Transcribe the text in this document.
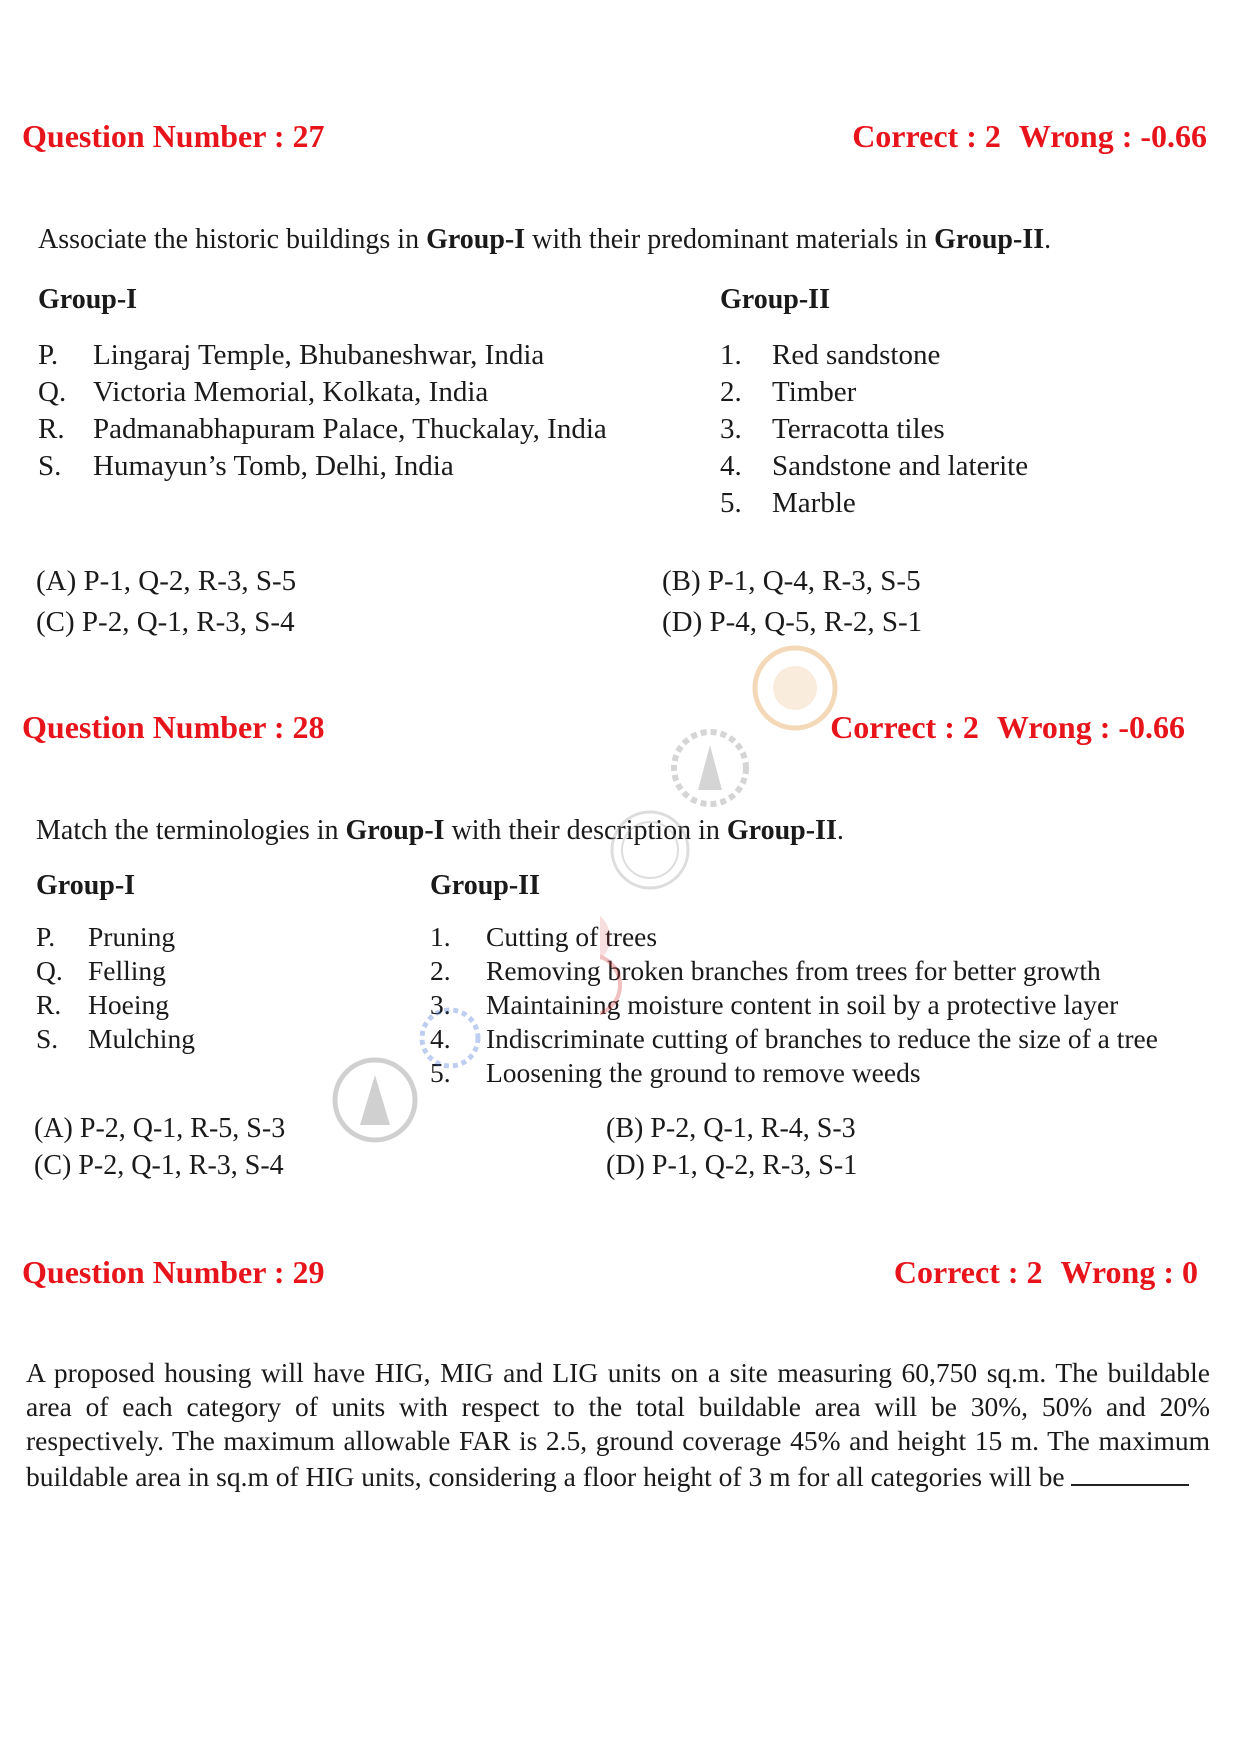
Question Number : 27	Correct : 2 Wrong : -0.66
Associate the historic buildings in Group-I with their predominant materials in Group-II.
Group-I	Group-II
P.	Lingaraj Temple, Bhubaneshwar, India
Q. Victoria Memorial, Kolkata, India
R. Padmanabhapuram Palace, Thuckalay, India
S.	Humayun’s Tomb, Delhi, India
1.	Red sandstone
2.	Timber
3.	Terracotta tiles
4.	Sandstone and laterite
5.	Marble
(A) P-1, Q-2, R-3, S-5	(B) P-1, Q-4, R-3, S-5
(C) P-2, Q-1, R-3, S-4	(D) P-4, Q-5, R-2, S-1
Question Number : 28	Correct : 2 Wrong : -0.66
Match the terminologies in Group-I with their description in Group-II.
Group-I	Group-II
P.	Pruning
Q. Felling
R. Hoeing
S.	Mulching
1.	Cutting of trees
2.	Removing broken branches from trees for better growth
3.	Maintaining moisture content in soil by a protective layer
4.	Indiscriminate cutting of branches to reduce the size of a tree
5.	Loosening the ground to remove weeds
(A) P-2, Q-1, R-5, S-3	(B) P-2, Q-1, R-4, S-3
(C) P-2, Q-1, R-3, S-4	(D) P-1, Q-2, R-3, S-1
Question Number : 29	Correct : 2 Wrong : 0
A proposed housing will have HIG, MIG and LIG units on a site measuring 60,750 sq.m. The buildable area of each category of units with respect to the total buildable area will be 30%, 50% and 20% respectively. The maximum allowable FAR is 2.5, ground coverage 45% and height 15 m. The maximum buildable area in sq.m of HIG units, considering a floor height of 3 m for all categories will be
